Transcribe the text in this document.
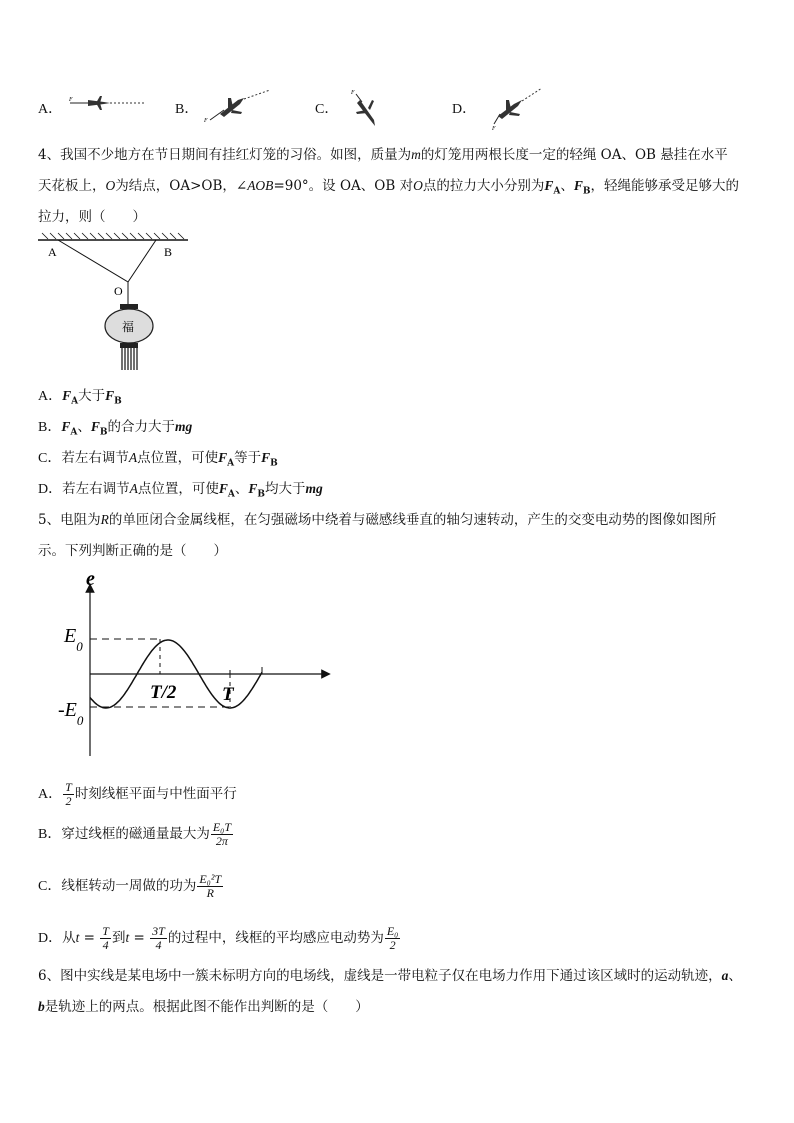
A．
F
B．
F
C．
F
D．
F
4、我国不少地方在节日期间有挂红灯笼的习俗。如图，质量为m的灯笼用两根长度一定的轻绳 OA、OB 悬挂在水平
天花板上，O为结点，OA>OB，∠AOB=90°。设 OA、OB 对O点的拉力大小分别为$F_A$、$F_B$，轻绳能够承受足够大的
拉力，则（　　）
A	B
O
福
A．$F_A$大于$F_B$
B．$F_A$、$F_B$的合力大于mg
C．若左右调节A点位置，可使$F_A$等于$F_B$
D．若左右调节A点位置，可使$F_A$、$F_B$均大于mg
5、电阻为R的单匝闭合金属线框，在匀强磁场中绕着与磁感线垂直的轴匀速转动，产生的交变电动势的图像如图所
示。下列判断正确的是（　　）
e
$E_0$
$-E_0$
T/2 T
A． $\frac{T}{2}$ 时刻线框平面与中性面平行
B．穿过线框的磁通量最大为 $\frac{\text{E₀T}}{2\pi}$
C．线框转动一周做的功为 $\frac{\text{E₀²T}}{R}$
D．从$t = \frac{T}{4}$ 到$t = \frac{3T}{4}$ 的过程中，线框的平均感应电动势为 $\frac{\text{E₀}}{2}$
6、图中实线是某电场中一簇未标明方向的电场线，虚线是一带电粒子仅在电场力作用下通过该区域时的运动轨迹，a、
b是轨迹上的两点。根据此图不能作出判断的是（　　）
